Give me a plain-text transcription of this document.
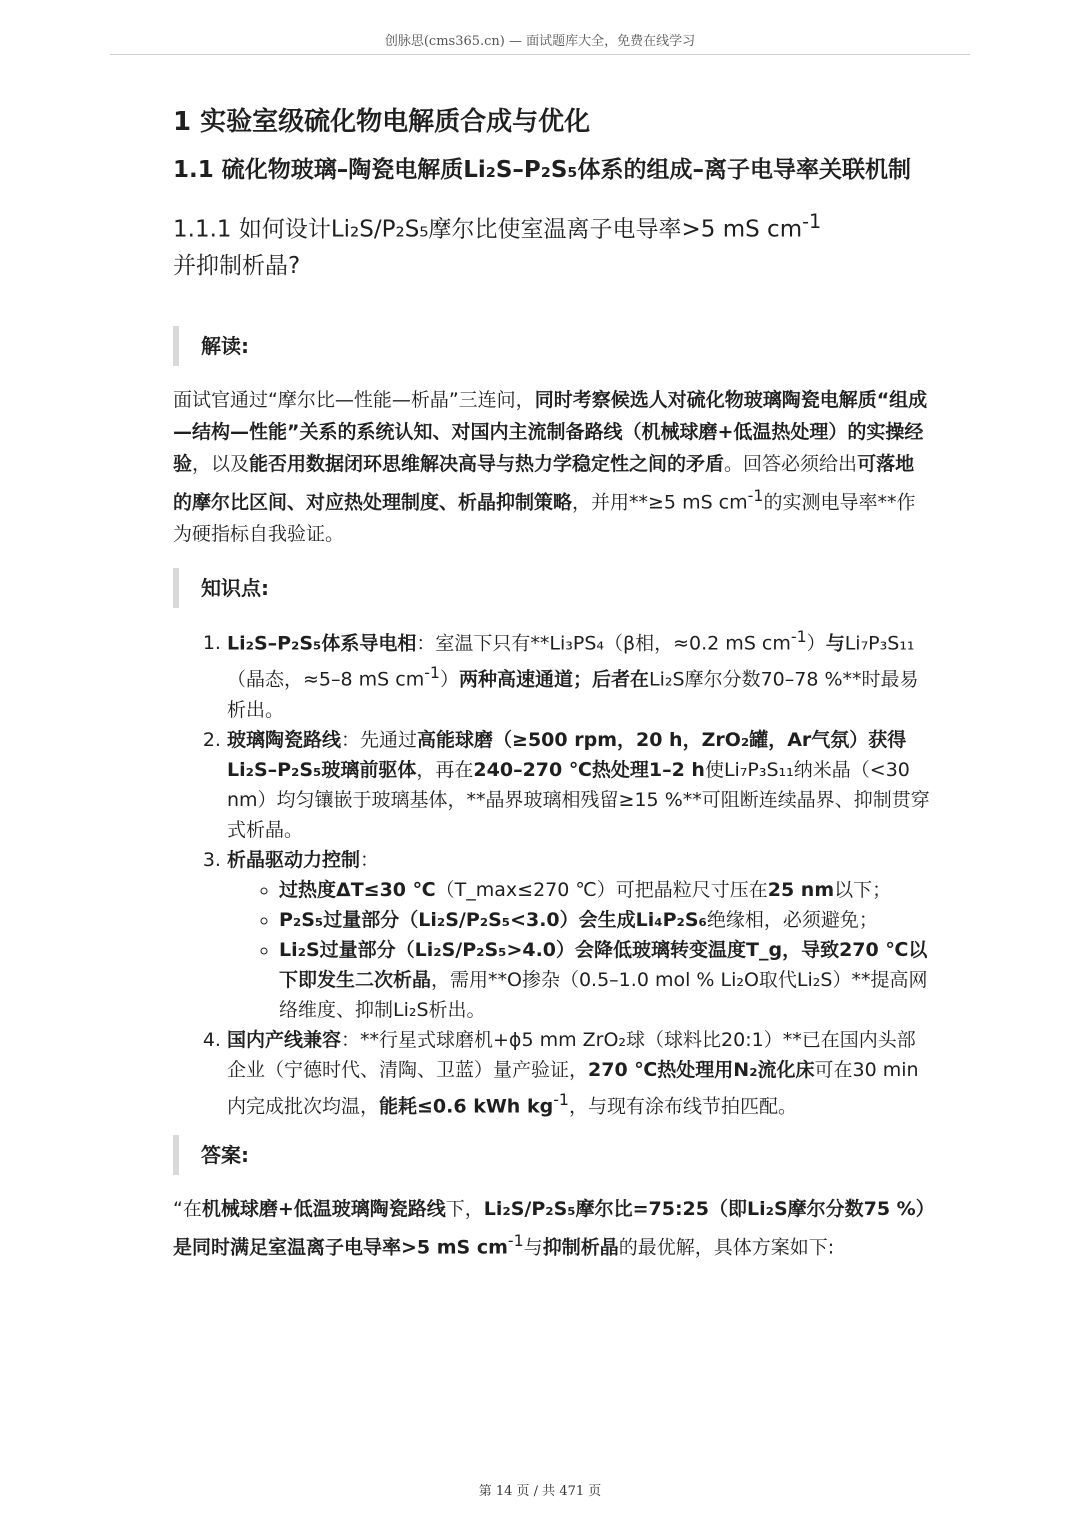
创脉思(cms365.cn) — 面试题库大全，免费在线学习
1 实验室级硫化物电解质合成与优化
1.1 硫化物玻璃–陶瓷电解质Li₂S–P₂S₅体系的组成–离子电导率关联机制
1.1.1 如何设计Li₂S/P₂S₅摩尔比使室温离子电导率>5 mS $cm^{-1}$
并抑制析晶?
解读:

面试官通过“摩尔比—性能—析晶”三连问，同时考察候选人对硫化物玻璃陶瓷电解质“组成—结构—性能”关系的系统认知、对国内主流制备路线（机械球磨+低温热处理）的实操经验，以及能否用数据闭环思维解决高导与热力学稳定性之间的矛盾。回答必须给出可落地的摩尔比区间、对应热处理制度、析晶抑制策略，并用**≥5 mS $cm^{-1}$的实测电导率**作为硬指标自我验证。

知识点:
1. Li₂S–P₂S₅体系导电相：室温下只有**Li₃PS₄（β相，≈0.2 mS $cm^{-1}$）与Li₇P₃S₁₁（晶态，≈5–8 mS $cm^{-1}$）两种高速通道；后者在Li₂S摩尔分数70–78 %**时最易析出。
2. 玻璃陶瓷路线：先通过高能球磨（≥500 rpm，20 h，ZrO₂罐，Ar气氛）获得Li₂S–P₂S₅玻璃前驱体，再在240–270 ℃热处理1–2 h使Li₇P₃S₁₁纳米晶（<30 nm）均匀镶嵌于玻璃基体，**晶界玻璃相残留≥15 %**可阻断连续晶界、抑制贯穿式析晶。
3. 析晶驱动力控制：
◦ 过热度ΔT≤30 ℃（T_max≤270 ℃）可把晶粒尺寸压在25 nm以下；
◦ P₂S₅过量部分（Li₂S/P₂S₅<3.0）会生成Li₄P₂S₆绝缘相，必须避免；
◦ Li₂S过量部分（Li₂S/P₂S₅>4.0）会降低玻璃转变温度T_g，导致270 ℃以下即发生二次析晶，需用**O掺杂（0.5–1.0 mol % Li₂O取代Li₂S）**提高网络维度、抑制Li₂S析出。
4. 国内产线兼容：**行星式球磨机+ϕ5 mm ZrO₂球（球料比20:1）**已在国内头部企业（宁德时代、清陶、卫蓝）量产验证，270 ℃热处理用N₂流化床可在30 min内完成批次均温，能耗≤0.6 kWh $kg^{-1}$，与现有涂布线节拍匹配。
答案:

“在机械球磨+低温玻璃陶瓷路线下，Li₂S/P₂S₅摩尔比=75:25（即Li₂S摩尔分数75 %）是同时满足室温离子电导率>5 mS $cm^{-1}$与抑制析晶的最优解，具体方案如下:

第 14 页 / 共 471 页
